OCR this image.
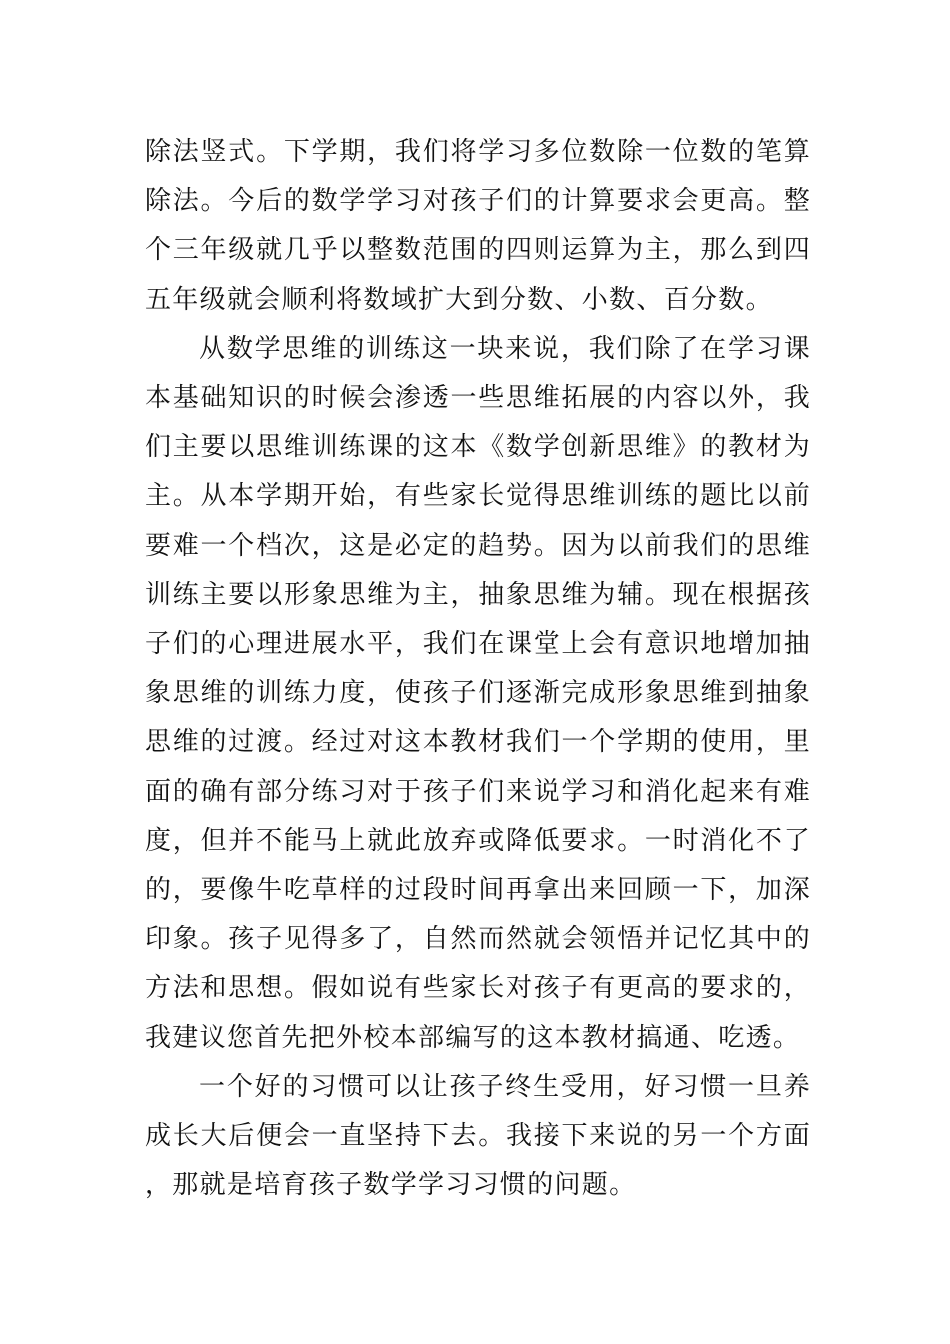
除法竖式。下学期，我们将学习多位数除一位数的笔算除法。今后的数学学习对孩子们的计算要求会更高。整个三年级就几乎以整数范围的四则运算为主，那么到四五年级就会顺利将数域扩大到分数、小数、百分数。

从数学思维的训练这一块来说，我们除了在学习课本基础知识的时候会渗透一些思维拓展的内容以外，我们主要以思维训练课的这本《数学创新思维》的教材为主。从本学期开始，有些家长觉得思维训练的题比以前要难一个档次，这是必定的趋势。因为以前我们的思维训练主要以形象思维为主，抽象思维为辅。现在根据孩子们的心理进展水平，我们在课堂上会有意识地增加抽象思维的训练力度，使孩子们逐渐完成形象思维到抽象思维的过渡。经过对这本教材我们一个学期的使用，里面的确有部分练习对于孩子们来说学习和消化起来有难度，但并不能马上就此放弃或降低要求。一时消化不了的，要像牛吃草样的过段时间再拿出来回顾一下，加深印象。孩子见得多了，自然而然就会领悟并记忆其中的方法和思想。假如说有些家长对孩子有更高的要求的，我建议您首先把外校本部编写的这本教材搞通、吃透。

一个好的习惯可以让孩子终生受用，好习惯一旦养成长大后便会一直坚持下去。我接下来说的另一个方面，那就是培育孩子数学学习习惯的问题。
